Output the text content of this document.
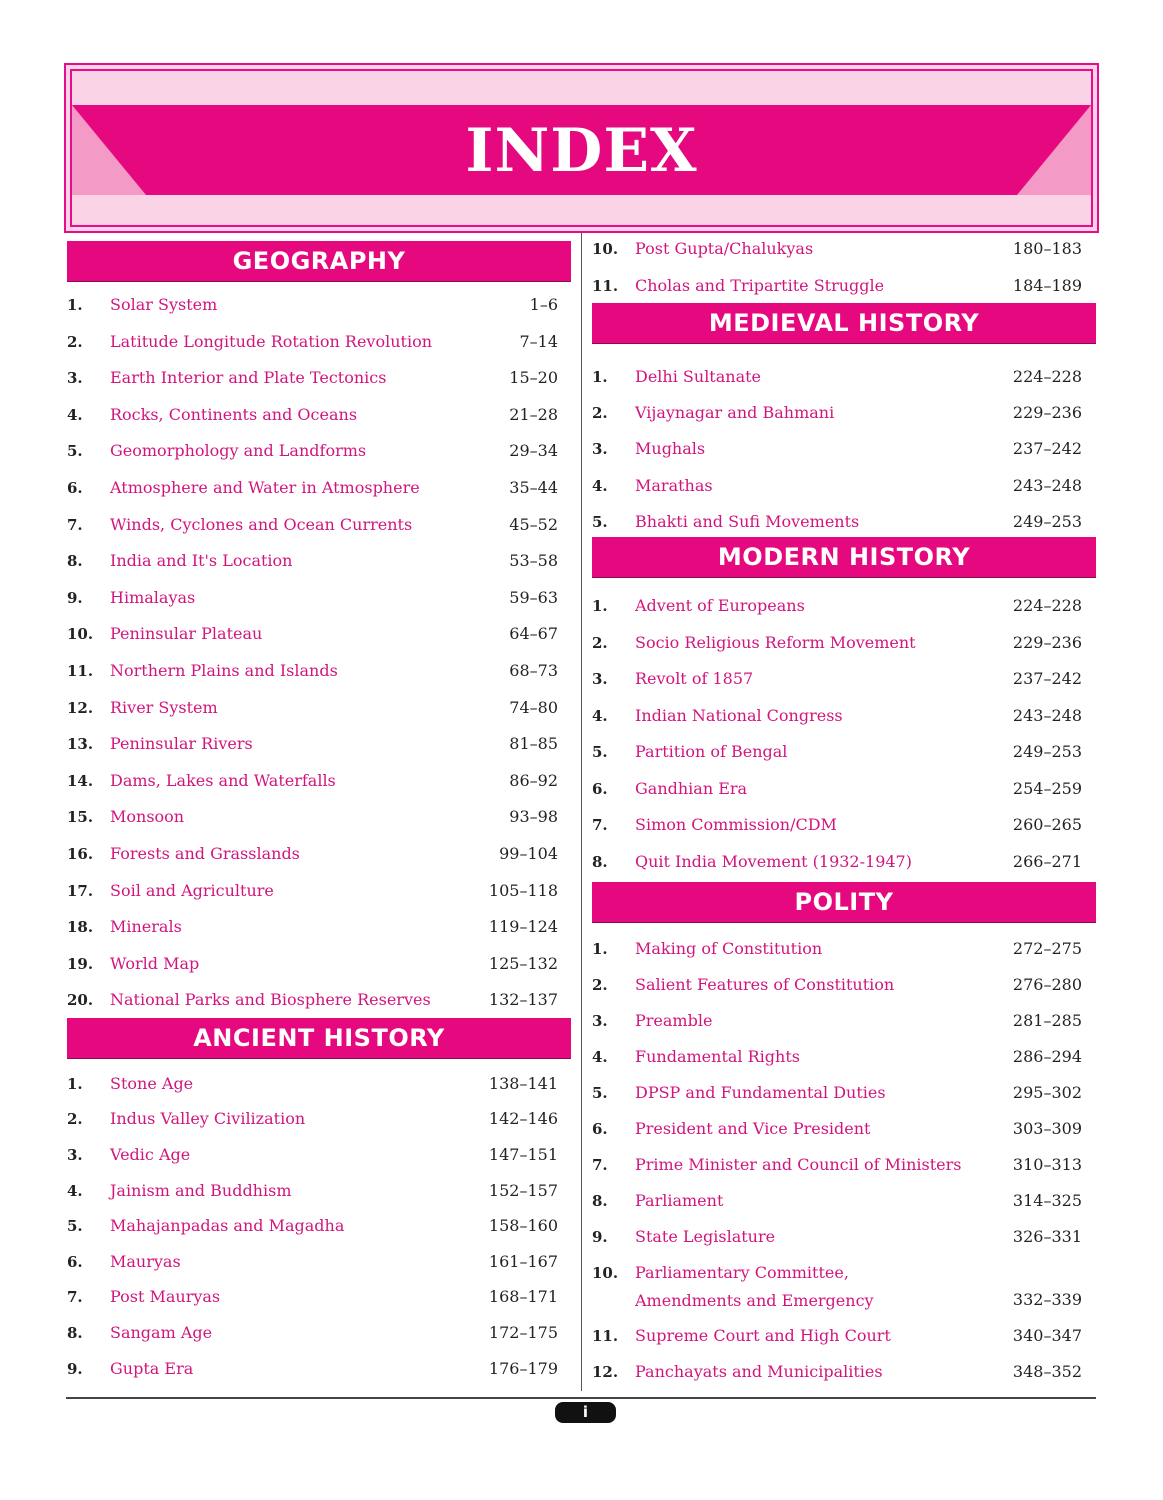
INDEX
GEOGRAPHY
1.	Solar System	1–6
2.	Latitude Longitude Rotation Revolution	7–14
3.	Earth Interior and Plate Tectonics	15–20
4.	Rocks, Continents and Oceans	21–28
5.	Geomorphology and Landforms	29–34
6.	Atmosphere and Water in Atmosphere	35–44
7.	Winds, Cyclones and Ocean Currents	45–52
8.	India and It's Location	53–58
9.	Himalayas	59–63
10.	Peninsular Plateau	64–67
11.	Northern Plains and Islands	68–73
12.	River System	74–80
13.	Peninsular Rivers	81–85
14.	Dams, Lakes and Waterfalls	86–92
15.	Monsoon	93–98
16.	Forests and Grasslands	99–104
17.	Soil and Agriculture	105–118
18.	Minerals	119–124
19.	World Map	125–132
20.	National Parks and Biosphere Reserves	132–137
ANCIENT HISTORY
1.	Stone Age	138–141
2.	Indus Valley Civilization	142–146
3.	Vedic Age	147–151
4.	Jainism and Buddhism	152–157
5.	Mahajanpadas and Magadha	158–160
6.	Mauryas	161–167
7.	Post Mauryas	168–171
8.	Sangam Age	172–175
9.	Gupta Era	176–179
10.	Post Gupta/Chalukyas	180–183
11.	Cholas and Tripartite Struggle	184–189
MEDIEVAL HISTORY
1.	Delhi Sultanate	224–228
2.	Vijaynagar and Bahmani	229–236
3.	Mughals	237–242
4.	Marathas	243–248
5.	Bhakti and Sufi Movements	249–253
MODERN HISTORY
1.	Advent of Europeans	224–228
2.	Socio Religious Reform Movement	229–236
3.	Revolt of 1857	237–242
4.	Indian National Congress	243–248
5.	Partition of Bengal	249–253
6.	Gandhian Era	254–259
7.	Simon Commission/CDM	260–265
8.	Quit India Movement (1932-1947)	266–271
POLITY
1.	Making of Constitution	272–275
2.	Salient Features of Constitution	276–280
3.	Preamble	281–285
4.	Fundamental Rights	286–294
5.	DPSP and Fundamental Duties	295–302
6.	President and Vice President	303–309
7.	Prime Minister and Council of Ministers	310–313
8.	Parliament	314–325
9.	State Legislature	326–331
10.	Parliamentary Committee, Amendments and Emergency	332–339
11.	Supreme Court and High Court	340–347
12.	Panchayats and Municipalities	348–352
i
